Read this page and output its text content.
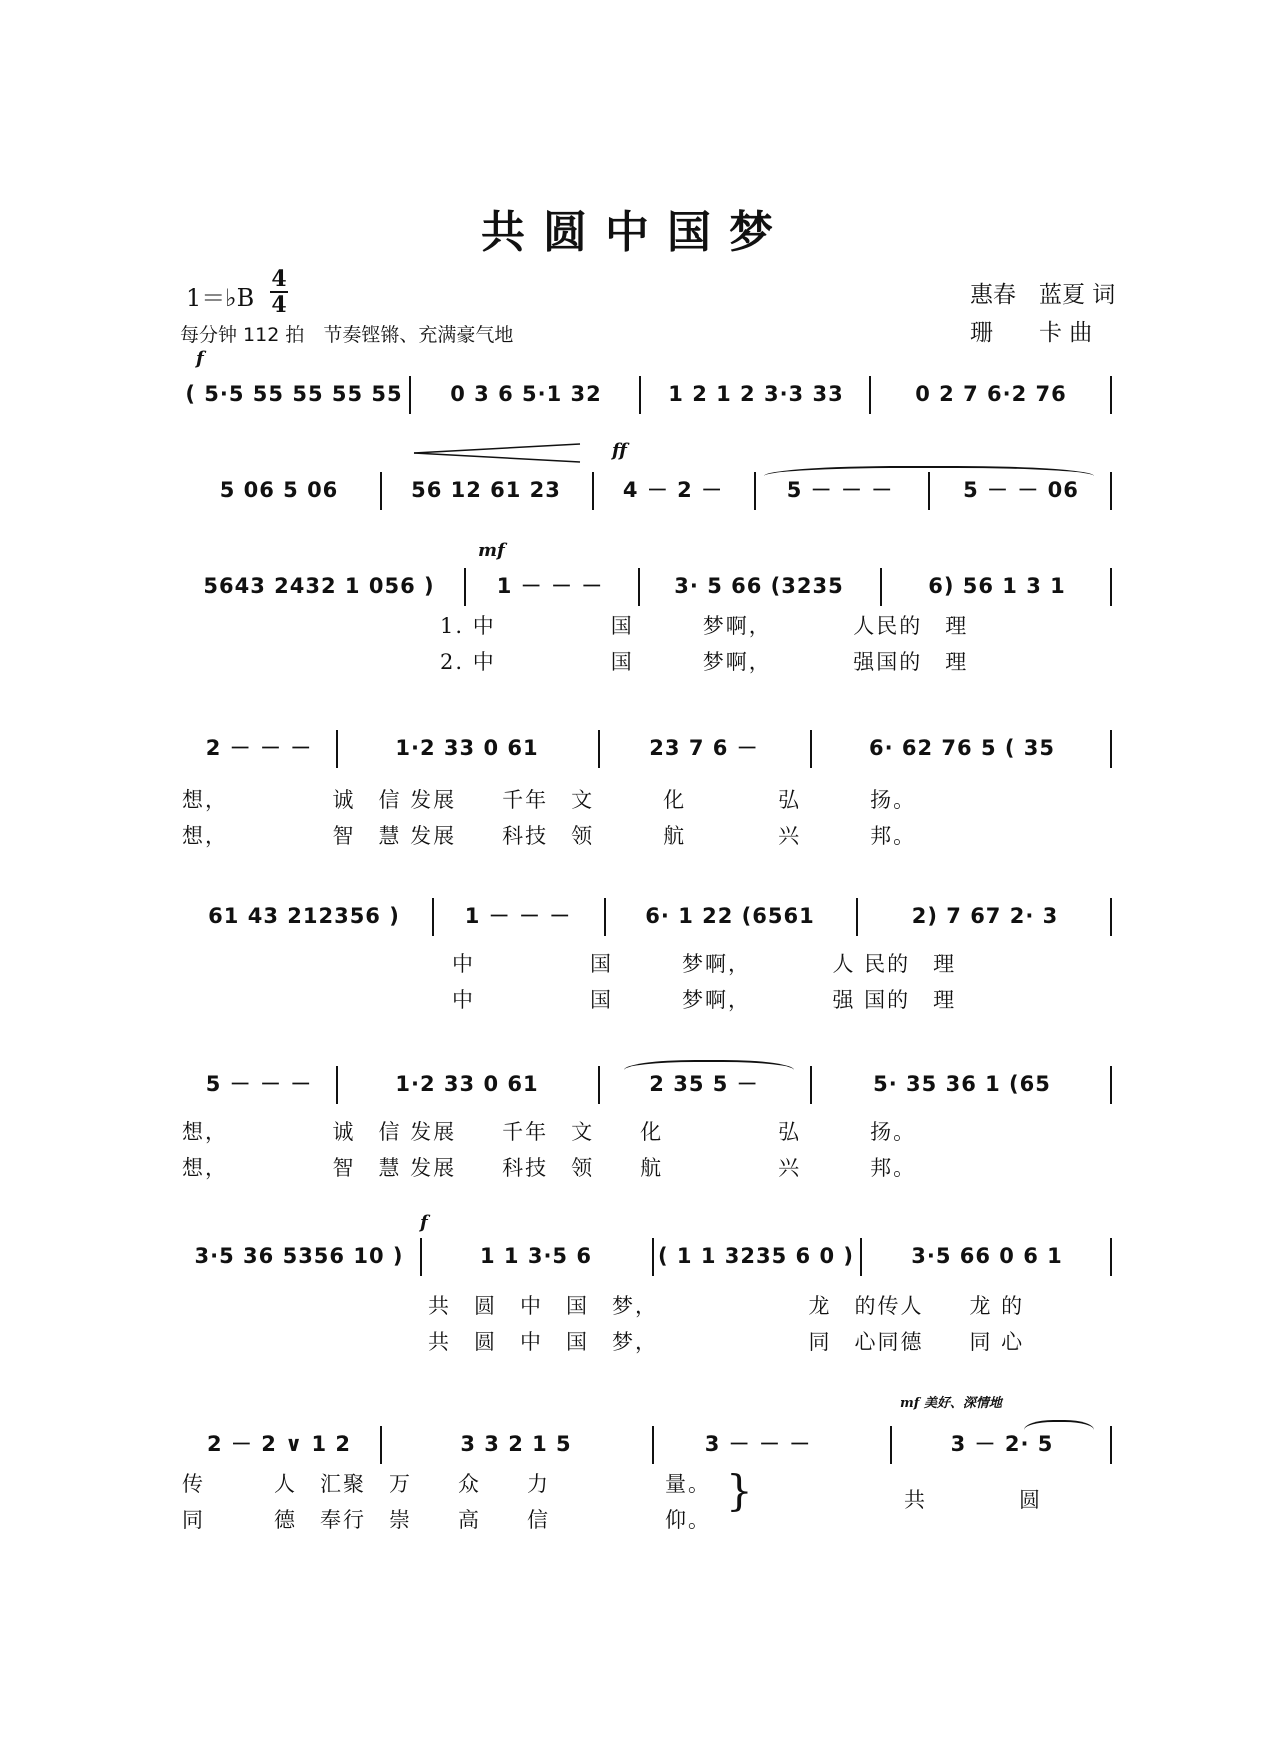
共圆中国梦
1＝♭B
4
4
每分钟 112 拍　节奏铿锵、充满豪气地
惠春　蓝夏 词
珊　　卡 曲
f
ff
mf
f
mf 美好、深情地
( 5·5 55 55 55 55	0 3 6 5·1 32	1 2 1 2 3·3 33	0 2 7 6·2 76
5 06 5 06	56 12 61 23	4 － 2 －	5 － － －	5 － － 06
5643 2432 1 056 )	1 － － －	3· 5 66 (3235	6) 56 1 3 1
1. 中　　　　　国　　　梦啊，　　　　人民的　理
2. 中　　　　　国　　　梦啊，　　　　强国的　理
2 － － －	1·2 33 0 61	23 7 6 －	6· 62 76 5 ( 35
想，　　　　　诚　信 发展　　千年　文　　　化　　　　弘　　　扬。
想，　　　　　智　慧 发展　　科技　领　　　航　　　　兴　　　邦。
61 43 212356 )	1 － － －	6· 1 22 (6561	2) 7 67 2· 3
中　　　　　国　　　梦啊，　　　　人 民的　理
中　　　　　国　　　梦啊，　　　　强 国的　理
5 － － －	1·2 33 0 61	2 35 5 －	5· 35 36 1 (65
想，　　　　　诚　信 发展　　千年　文　　化　　　　　弘　　　扬。
想，　　　　　智　慧 发展　　科技　领　　航　　　　　兴　　　邦。
3·5 36 5356 10 )	1 1 3·5 6	( 1 1 3235 6 0 )	3·5 66 0 6 1
共　圆　中　国　梦，　　　　　　　龙　的传人　　龙 的
共　圆　中　国　梦，　　　　　　　同　心同德　　同 心
2 － 2 ∨ 1 2	3 3 2 1 5	3 － － －	3 － 2· 5
传　　　人　汇聚　万　　众　　力　　　　　量。
同　　　德　奉行　崇　　高　　信　　　　　仰。
}	共　　　　圆
